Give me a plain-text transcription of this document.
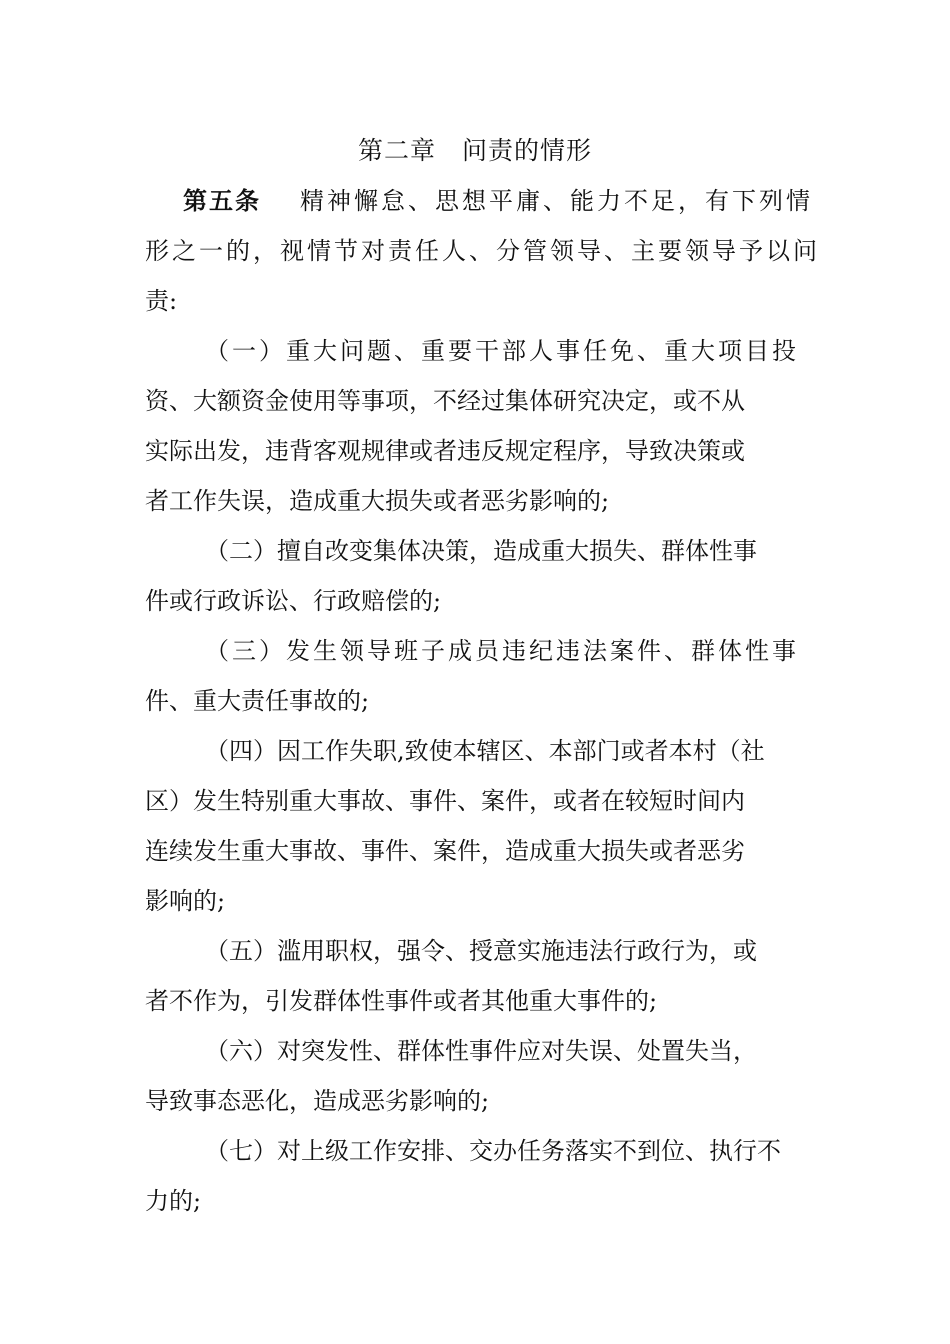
第二章　问责的情形

第五条 精神懈怠、思想平庸、能力不足，有下列情

形之一的，视情节对责任人、分管领导、主要领导予以问

责:

（一）重大问题、重要干部人事任免、重大项目投

资、大额资金使用等事项，不经过集体研究决定，或不从

实际出发，违背客观规律或者违反规定程序，导致决策或

者工作失误，造成重大损失或者恶劣影响的;

（二）擅自改变集体决策，造成重大损失、群体性事

件或行政诉讼、行政赔偿的;

（三）发生领导班子成员违纪违法案件、群体性事

件、重大责任事故的;

（四）因工作失职,致使本辖区、本部门或者本村（社

区）发生特别重大事故、事件、案件，或者在较短时间内

连续发生重大事故、事件、案件，造成重大损失或者恶劣

影响的;

（五）滥用职权，强令、授意实施违法行政行为，或

者不作为，引发群体性事件或者其他重大事件的;

（六）对突发性、群体性事件应对失误、处置失当，

导致事态恶化，造成恶劣影响的;

（七）对上级工作安排、交办任务落实不到位、执行不

力的;
